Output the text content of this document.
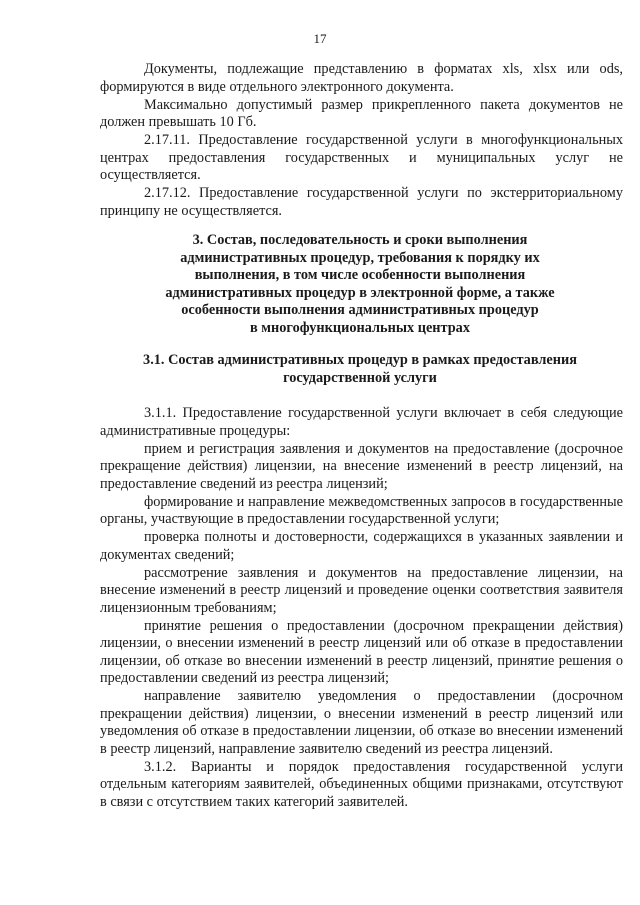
17

Документы, подлежащие представлению в форматах xls, xlsx или ods, формируются в виде отдельного электронного документа.

Максимально допустимый размер прикрепленного пакета документов не должен превышать 10 Гб.

2.17.11. Предоставление государственной услуги в многофункциональных центрах предоставления государственных и муниципальных услуг не осуществляется.

2.17.12. Предоставление государственной услуги по экстерриториальному принципу не осуществляется.

3. Состав, последовательность и сроки выполнения
административных процедур, требования к порядку их
выполнения, в том числе особенности выполнения
административных процедур в электронной форме, а также
особенности выполнения административных процедур
в многофункциональных центрах
3.1. Состав административных процедур в рамках предоставления
государственной услуги

3.1.1. Предоставление государственной услуги включает в себя следующие административные процедуры:

прием и регистрация заявления и документов на предоставление (досрочное прекращение действия) лицензии, на внесение изменений в реестр лицензий, на предоставление сведений из реестра лицензий;

формирование и направление межведомственных запросов в государственные органы, участвующие в предоставлении государственной услуги;

проверка полноты и достоверности, содержащихся в указанных заявлении и документах сведений;

рассмотрение заявления и документов на предоставление лицензии, на внесение изменений в реестр лицензий и проведение оценки соответствия заявителя лицензионным требованиям;

принятие решения о предоставлении (досрочном прекращении действия) лицензии, о внесении изменений в реестр лицензий или об отказе в предоставлении лицензии, об отказе во внесении изменений в реестр лицензий, принятие решения о предоставлении сведений из реестра лицензий;

направление заявителю уведомления о предоставлении (досрочном прекращении действия) лицензии, о внесении изменений в реестр лицензий или уведомления об отказе в предоставлении лицензии, об отказе во внесении изменений в реестр лицензий, направление заявителю сведений из реестра лицензий.

3.1.2. Варианты и порядок предоставления государственной услуги отдельным категориям заявителей, объединенных общими признаками, отсутствуют в связи с отсутствием таких категорий заявителей.
